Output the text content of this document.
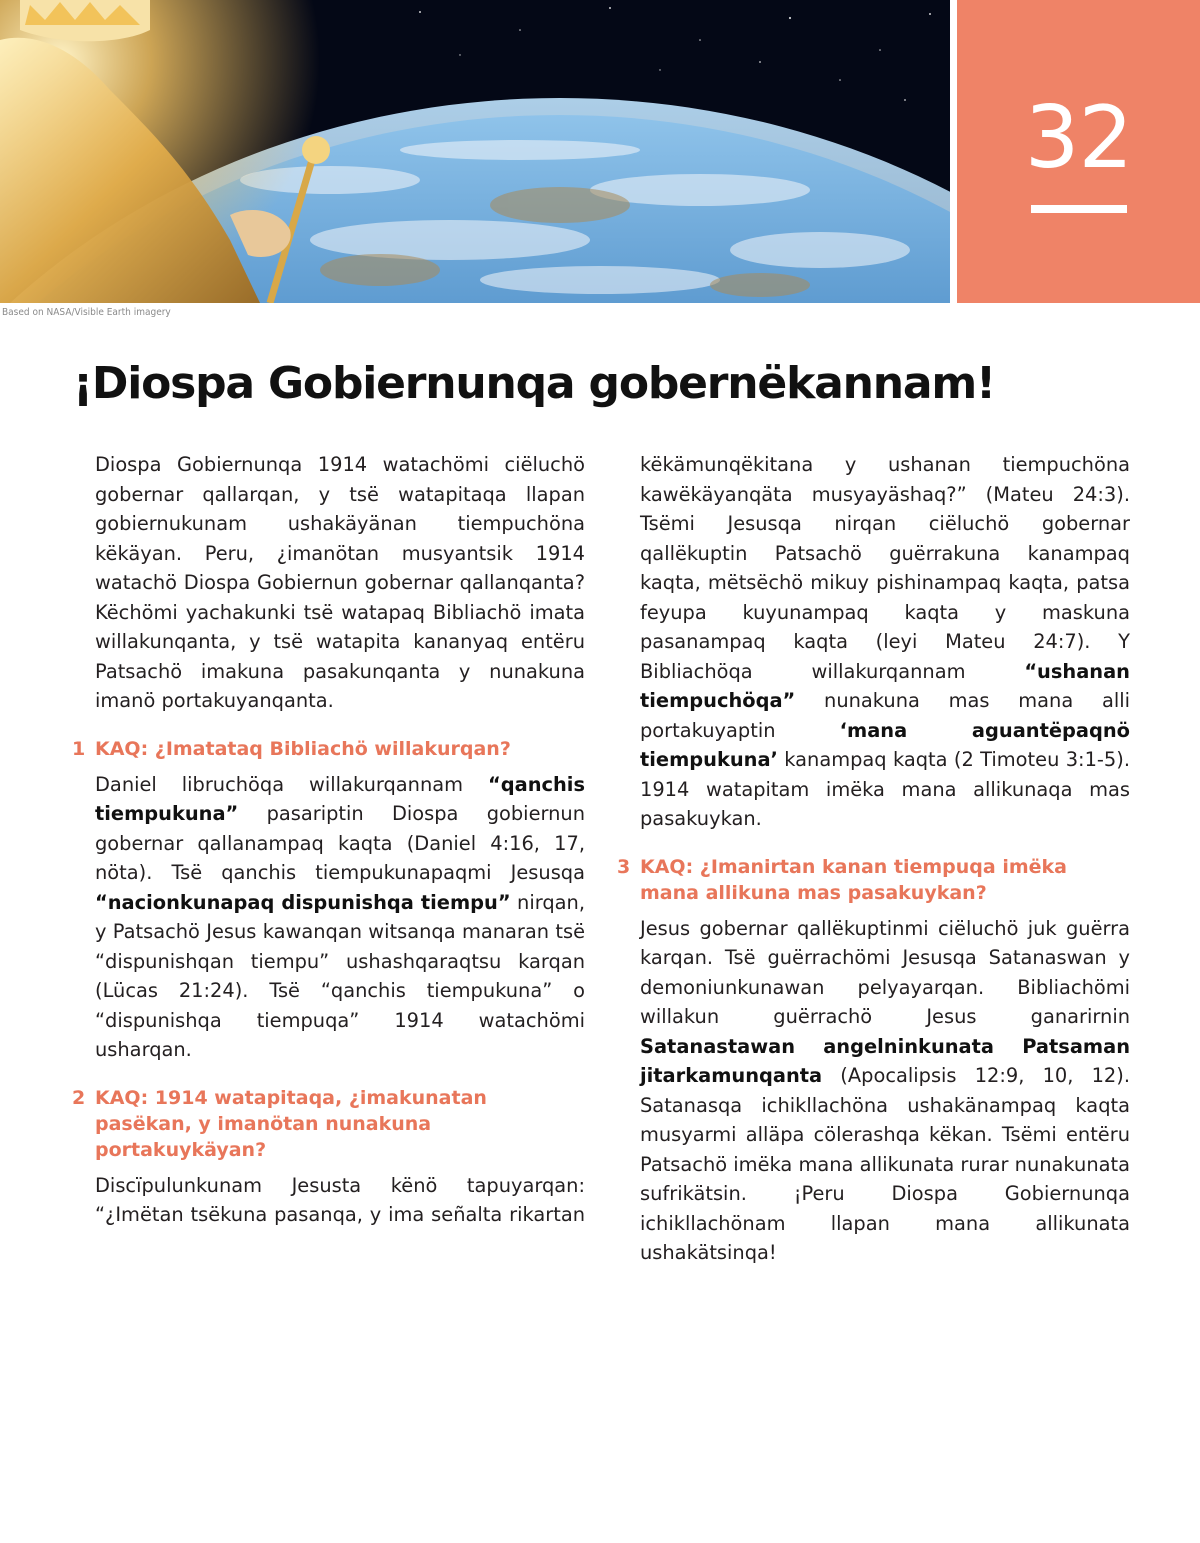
32
Based on NASA/Visible Earth imagery
¡Diospa Gobiernunqa gobernëkannam!

Diospa Gobiernunqa 1914 watachömi ciëluchö gobernar qallarqan, y tsë watapitaqa llapan gobiernukunam ushakäyänan tiempuchöna këkäyan. Peru, ¿imanötan musyantsik 1914 watachö Diospa Gobiernun gobernar qallanqanta? Këchömi yachakunki tsë watapaq Bibliachö imata willakunqanta, y tsë watapita kananyaq entëru Patsachö imakuna pasakunqanta y nunakuna imanö portakuyanqanta.

1 KAQ: ¿Imatataq Bibliachö willakurqan?

Daniel libruchöqa willakurqannam “qanchis tiempukuna” pasariptin Diospa gobiernun gobernar qallanampaq kaqta (Daniel 4:16, 17, nöta). Tsë qanchis tiempukunapaqmi Jesusqa “nacionkunapaq dispunishqa tiempu” nirqan, y Patsachö Jesus kawanqan witsanqa manaran tsë “dispunishqan tiempu” ushashqaraqtsu karqan (Lücas 21:24). Tsë “qanchis tiempukuna” o “dispunishqa tiempuqa” 1914 watachömi usharqan.

2 KAQ: 1914 watapitaqa, ¿imakunatan pasëkan, y imanötan nunakuna portakuykäyan?

Discïpulunkunam Jesusta kënö tapuyarqan: “¿Imëtan tsëkuna pasanqa, y ima señalta rikartan

këkämunqëkitana y ushanan tiempuchöna kawëkäyanqäta musyayäshaq?” (Mateu 24:3). Tsëmi Jesusqa nirqan ciëluchö gobernar qallëkuptin Patsachö guërrakuna kanampaq kaqta, mëtsëchö mikuy pishinampaq kaqta, patsa feyupa kuyunampaq kaqta y maskuna pasanampaq kaqta (leyi Mateu 24:7). Y Bibliachöqa willakurqannam “ushanan tiempuchöqa” nunakuna mas mana alli portakuyaptin ‘mana aguantëpaqnö tiempukuna’ kanampaq kaqta (2 Timoteu 3:1-5). 1914 watapitam imëka mana allikunaqa mas pasakuykan.

3 KAQ: ¿Imanirtan kanan tiempuqa imëka mana allikuna mas pasakuykan?

Jesus gobernar qallëkuptinmi ciëluchö juk guërra karqan. Tsë guërrachömi Jesusqa Satanaswan y demoniunkunawan pelyayarqan. Bibliachömi willakun guërrachö Jesus ganarirnin Satanastawan angelninkunata Patsaman jitarkamunqanta (Apocalipsis 12:9, 10, 12). Satanasqa ichikllachöna ushakänampaq kaqta musyarmi alläpa cölerashqa këkan. Tsëmi entëru Patsachö imëka mana allikunata rurar nunakunata sufrikätsin. ¡Peru Diospa Gobiernunqa ichikllachönam llapan mana allikunata ushakätsinqa!
